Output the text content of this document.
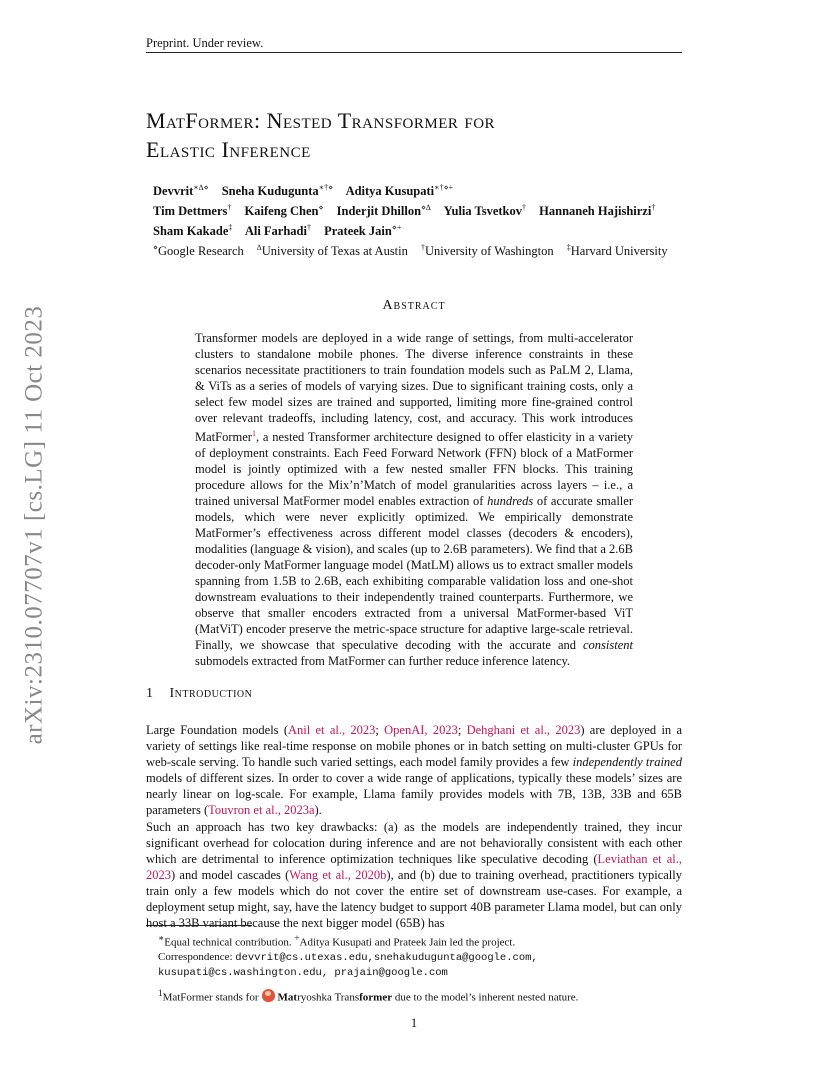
Preprint. Under review.
arXiv:2310.07707v1 [cs.LG] 11 Oct 2023
MatFormer: Nested Transformer for
Elastic Inference
Devvrit∗∆⋄ Sneha Kudugunta∗†⋄ Aditya Kusupati∗†⋄+
Tim Dettmers† Kaifeng Chen⋄ Inderjit Dhillon⋄∆ Yulia Tsvetkov† Hannaneh Hajishirzi†
Sham Kakade‡ Ali Farhadi† Prateek Jain⋄+
⋄Google Research ∆University of Texas at Austin †University of Washington ‡Harvard University
Abstract
Transformer models are deployed in a wide range of settings, from multi-accelerator clusters to standalone mobile phones. The diverse inference constraints in these scenarios necessitate practitioners to train foundation models such as PaLM 2, Llama, & ViTs as a series of models of varying sizes. Due to significant training costs, only a select few model sizes are trained and supported, limiting more fine-grained control over relevant tradeoffs, including latency, cost, and accuracy. This work introduces MatFormer$^1$, a nested Transformer architecture designed to offer elasticity in a variety of deployment constraints. Each Feed Forward Network (FFN) block of a MatFormer model is jointly optimized with a few nested smaller FFN blocks. This training procedure allows for the Mix’n’Match of model granularities across layers – i.e., a trained universal MatFormer model enables extraction of hundreds of accurate smaller models, which were never explicitly optimized. We empirically demonstrate MatFormer’s effectiveness across different model classes (decoders & encoders), modalities (language & vision), and scales (up to 2.6B parameters). We find that a 2.6B decoder-only MatFormer language model (MatLM) allows us to extract smaller models spanning from 1.5B to 2.6B, each exhibiting comparable validation loss and one-shot downstream evaluations to their independently trained counterparts. Furthermore, we observe that smaller encoders extracted from a universal MatFormer-based ViT (MatViT) encoder preserve the metric-space structure for adaptive large-scale retrieval. Finally, we showcase that speculative decoding with the accurate and consistent submodels extracted from MatFormer can further reduce inference latency.
1 Introduction
Large Foundation models (Anil et al., 2023; OpenAI, 2023; Dehghani et al., 2023) are deployed in a variety of settings like real-time response on mobile phones or in batch setting on multi-cluster GPUs for web-scale serving. To handle such varied settings, each model family provides a few independently trained models of different sizes. In order to cover a wide range of applications, typically these models’ sizes are nearly linear on log-scale. For example, Llama family provides models with 7B, 13B, 33B and 65B parameters (Touvron et al., 2023a).
Such an approach has two key drawbacks: (a) as the models are independently trained, they incur significant overhead for colocation during inference and are not behaviorally consistent with each other which are detrimental to inference optimization techniques like speculative decoding (Leviathan et al., 2023) and model cascades (Wang et al., 2020b), and (b) due to training overhead, practitioners typically train only a few models which do not cover the entire set of downstream use-cases. For example, a deployment setup might, say, have the latency budget to support 40B parameter Llama model, but can only host a 33B variant because the next bigger model (65B) has
∗Equal technical contribution. +Aditya Kusupati and Prateek Jain led the project.
Correspondence: devvrit@cs.utexas.edu,snehakudugunta@google.com,
kusupati@cs.washington.edu, prajain@google.com
$^1$MatFormer stands for Matryoshka Transformer due to the model’s inherent nested nature.
1
